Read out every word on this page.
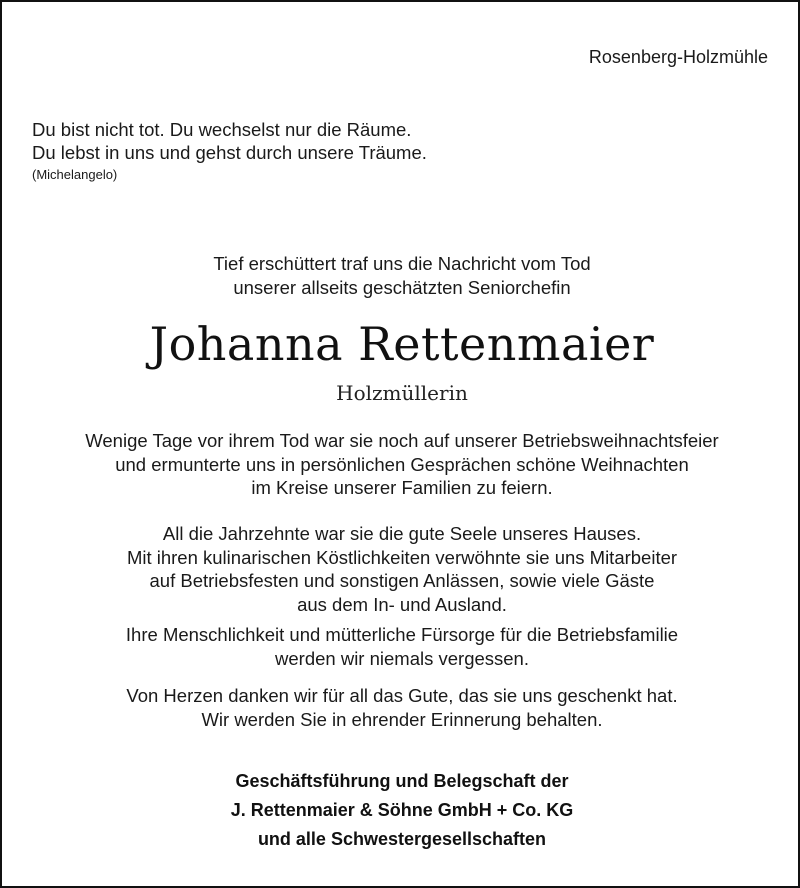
Rosenberg-Holzmühle
Du bist nicht tot. Du wechselst nur die Räume.
Du lebst in uns und gehst durch unsere Träume.
(Michelangelo)
Tief erschüttert traf uns die Nachricht vom Tod
unserer allseits geschätzten Seniorchefin
Johanna Rettenmaier
Holzmüllerin
Wenige Tage vor ihrem Tod war sie noch auf unserer Betriebsweihnachtsfeier
und ermunterte uns in persönlichen Gesprächen schöne Weihnachten
im Kreise unserer Familien zu feiern.
All die Jahrzehnte war sie die gute Seele unseres Hauses.
Mit ihren kulinarischen Köstlichkeiten verwöhnte sie uns Mitarbeiter
auf Betriebsfesten und sonstigen Anlässen, sowie viele Gäste
aus dem In- und Ausland.
Ihre Menschlichkeit und mütterliche Fürsorge für die Betriebsfamilie
werden wir niemals vergessen.
Von Herzen danken wir für all das Gute, das sie uns geschenkt hat.
Wir werden Sie in ehrender Erinnerung behalten.
Geschäftsführung und Belegschaft der
J. Rettenmaier & Söhne GmbH + Co. KG
und alle Schwestergesellschaften
